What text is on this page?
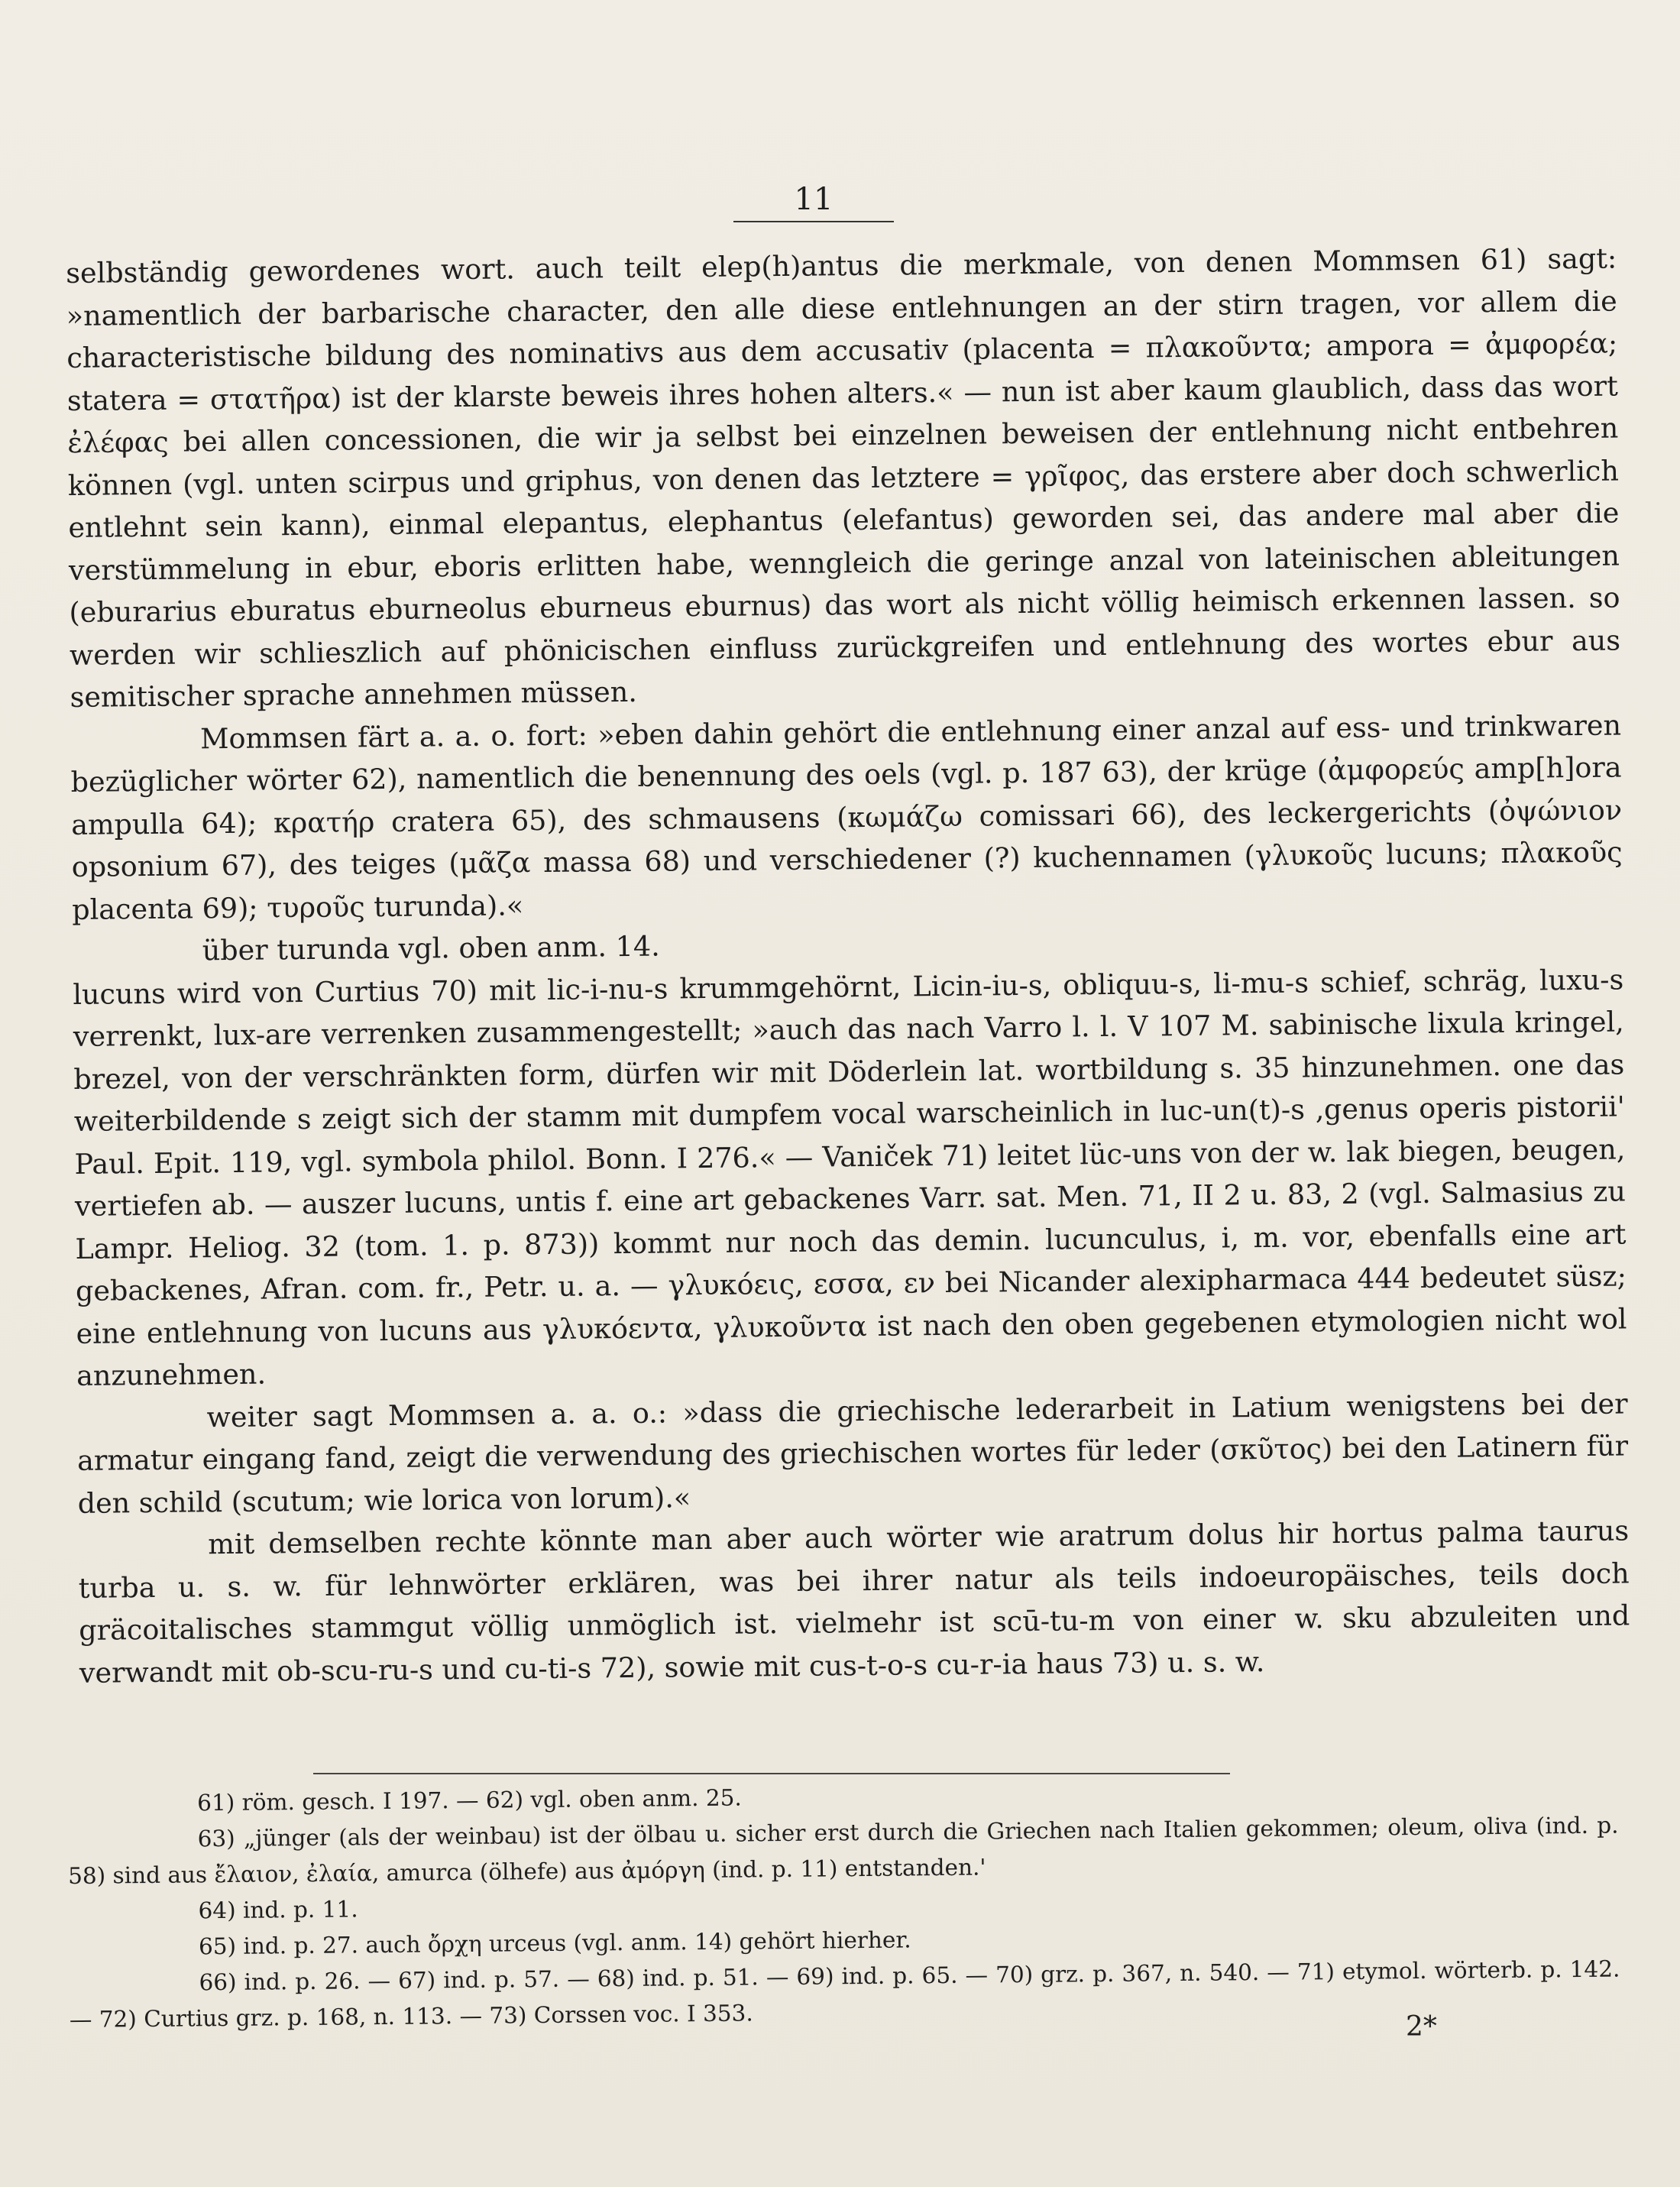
11

selbständig gewordenes wort. auch teilt elep(h)antus die merkmale, von denen Mommsen 61) sagt: »namentlich der barbarische character, den alle diese entlehnungen an der stirn tragen, vor allem die characteristische bildung des nominativs aus dem accusativ (placenta = πλακοῦντα; ampora = ἀμφορέα; statera = στατῆρα) ist der klarste beweis ihres hohen alters.« — nun ist aber kaum glaublich, dass das wort ἐλέφας bei allen concessionen, die wir ja selbst bei einzelnen beweisen der entlehnung nicht entbehren können (vgl. unten scirpus und griphus, von denen das letztere = γρῖφος, das erstere aber doch schwerlich entlehnt sein kann), einmal elepantus, elephantus (elefantus) geworden sei, das andere mal aber die verstümmelung in ebur, eboris erlitten habe, wenngleich die geringe anzal von lateinischen ableitungen (eburarius eburatus eburneolus eburneus eburnus) das wort als nicht völlig heimisch erkennen lassen. so werden wir schlieszlich auf phönicischen einfluss zurückgreifen und entlehnung des wortes ebur aus semitischer sprache annehmen müssen.

Mommsen färt a. a. o. fort: »eben dahin gehört die entlehnung einer anzal auf ess- und trinkwaren bezüglicher wörter 62), namentlich die benennung des oels (vgl. p. 187 63), der krüge (ἀμφορεύς amp[h]ora ampulla 64); κρατήρ cratera 65), des schmausens (κωμάζω comissari 66), des leckergerichts (ὀψώνιον opsonium 67), des teiges (μᾶζα massa 68) und verschiedener (?) kuchennamen (γλυκοῦς lucuns; πλακοῦς placenta 69); τυροῦς turunda).«

über turunda vgl. oben anm. 14.

lucuns wird von Curtius 70) mit lic-i-nu-s krummgehörnt, Licin-iu-s, obliquu-s, li-mu-s schief, schräg, luxu-s verrenkt, lux-are verrenken zusammengestellt; »auch das nach Varro l. l. V 107 M. sabinische lixula kringel, brezel, von der verschränkten form, dürfen wir mit Döderlein lat. wortbildung s. 35 hinzunehmen. one das weiterbildende s zeigt sich der stamm mit dumpfem vocal warscheinlich in luc-un(t)-s ‚genus operis pistorii' Paul. Epit. 119, vgl. symbola philol. Bonn. I 276.« — Vaniček 71) leitet lüc-uns von der w. lak biegen, beugen, vertiefen ab. — auszer lucuns, untis f. eine art gebackenes Varr. sat. Men. 71, II 2 u. 83, 2 (vgl. Salmasius zu Lampr. Heliog. 32 (tom. 1. p. 873)) kommt nur noch das demin. lucunculus, i, m. vor, ebenfalls eine art gebackenes, Afran. com. fr., Petr. u. a. — γλυκόεις, εσσα, εν bei Nicander alexipharmaca 444 bedeutet süsz; eine entlehnung von lucuns aus γλυκόεντα, γλυκοῦντα ist nach den oben gegebenen etymologien nicht wol anzunehmen.

weiter sagt Mommsen a. a. o.: »dass die griechische lederarbeit in Latium wenigstens bei der armatur eingang fand, zeigt die verwendung des griechischen wortes für leder (σκῦτος) bei den Latinern für den schild (scutum; wie lorica von lorum).«

mit demselben rechte könnte man aber auch wörter wie aratrum dolus hir hortus palma taurus turba u. s. w. für lehnwörter erklären, was bei ihrer natur als teils indoeuropäisches, teils doch gräcoitalisches stammgut völlig unmöglich ist. vielmehr ist scū-tu-m von einer w. sku abzuleiten und verwandt mit ob-scu-ru-s und cu-ti-s 72), sowie mit cus-t-o-s cu-r-ia haus 73) u. s. w.

61) röm. gesch. I 197. — 62) vgl. oben anm. 25.

63) „jünger (als der weinbau) ist der ölbau u. sicher erst durch die Griechen nach Italien gekommen; oleum, oliva (ind. p. 58) sind aus ἔλαιον, ἐλαία, amurca (ölhefe) aus ἀμόργη (ind. p. 11) entstanden.'

64) ind. p. 11.

65) ind. p. 27. auch ὄρχη urceus (vgl. anm. 14) gehört hierher.

66) ind. p. 26. — 67) ind. p. 57. — 68) ind. p. 51. — 69) ind. p. 65. — 70) grz. p. 367, n. 540. — 71) etymol. wörterb. p. 142. — 72) Curtius grz. p. 168, n. 113. — 73) Corssen voc. I 353.	2*
